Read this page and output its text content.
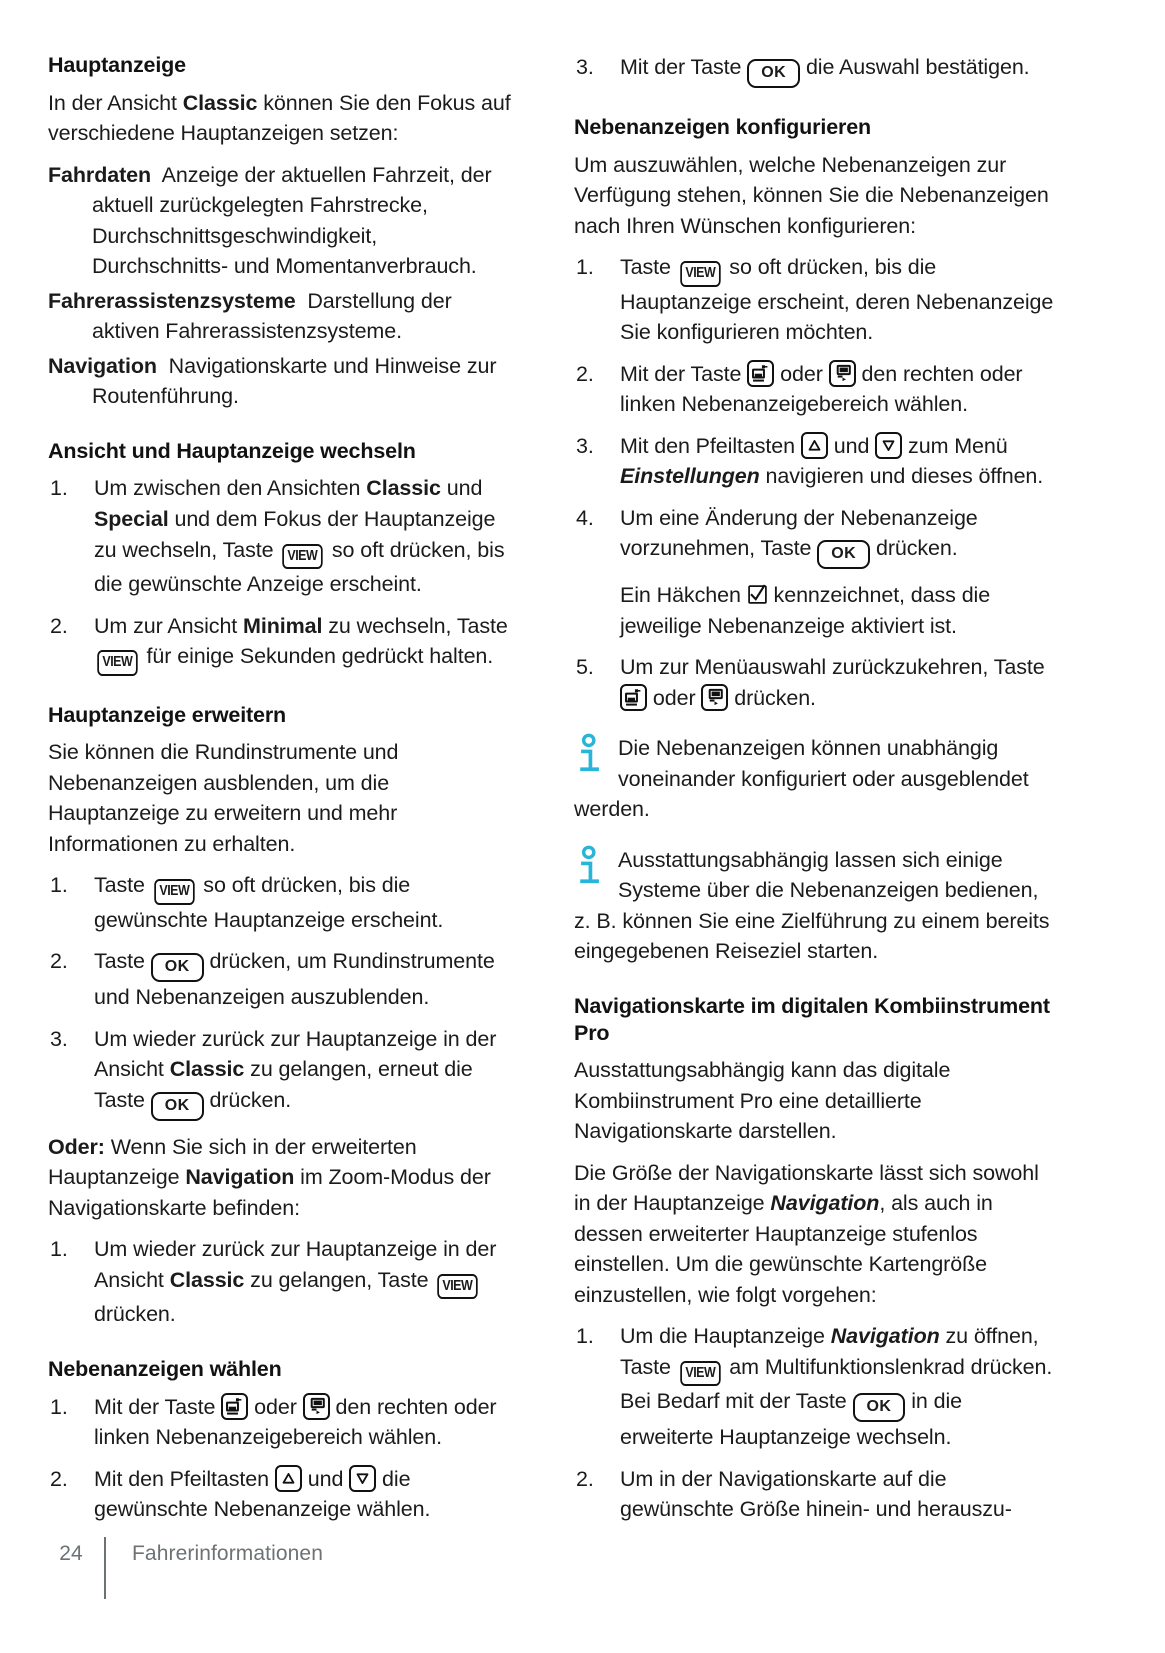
Hauptanzeige

In der Ansicht Classic können Sie den Fokus auf verschiedene Hauptanzeigen setzen:

Fahrdaten Anzeige der aktuellen Fahrzeit, der aktuell zurückgelegten Fahrstrecke, Durchschnittsgeschwindigkeit, Durchschnitts- und Momentanverbrauch.

Fahrerassistenzsysteme Darstellung der aktiven Fahrerassistenzsysteme.

Navigation Navigationskarte und Hinweise zur Routenführung.

Ansicht und Hauptanzeige wechseln
1.	Um zwischen den Ansichten Classic und Special und dem Fokus der Hauptanzeige zu wechseln, Taste VIEW so oft drücken, bis die gewünschte Anzeige erscheint.
2.	Um zur Ansicht Minimal zu wechseln, Taste VIEW für einige Sekunden gedrückt halten.
Hauptanzeige erweitern

Sie können die Rundinstrumente und Nebenanzeigen ausblenden, um die Hauptanzeige zu erweitern und mehr Informationen zu erhalten.

1.	Taste VIEW so oft drücken, bis die gewünschte Hauptanzeige erscheint.
2.	Taste OK drücken, um Rundinstrumente und Nebenanzeigen auszublenden.
3.	Um wieder zurück zur Hauptanzeige in der Ansicht Classic zu gelangen, erneut die Taste OK drücken.

Oder: Wenn Sie sich in der erweiterten Hauptanzeige Navigation im Zoom-Modus der Navigationskarte befinden:

1.	Um wieder zurück zur Hauptanzeige in der Ansicht Classic zu gelangen, Taste VIEW drücken.
Nebenanzeigen wählen
1.	Mit der Taste
oder
den rechten oder linken Nebenanzeigebereich wählen.
2.	Mit den Pfeiltasten
und
die gewünschte Nebenanzeige wählen.
3.	Mit der Taste OK die Auswahl bestätigen.
Nebenanzeigen konfigurieren

Um auszuwählen, welche Nebenanzeigen zur Verfügung stehen, können Sie die Nebenanzeigen nach Ihren Wünschen konfigurieren:

1.	Taste VIEW so oft drücken, bis die Hauptanzeige erscheint, deren Nebenanzeige Sie konfigurieren möchten.
2.	Mit der Taste
oder
den rechten oder linken Nebenanzeigebereich wählen.
3.	Mit den Pfeiltasten
und
zum Menü Einstellungen navigieren und dieses öffnen.
4.	Um eine Änderung der Nebenanzeige vorzunehmen, Taste OK drücken.
Ein Häkchen
kennzeichnet, dass die jeweilige Nebenanzeige aktiviert ist.
5.	Um zur Menüauswahl zurückzukehren, Taste
oder
drücken.
Die Nebenanzeigen können unabhängig voneinander konfiguriert oder ausgeblendet werden.
Ausstattungsabhängig lassen sich einige Systeme über die Nebenanzeigen bedienen, z. B. können Sie eine Zielführung zu einem bereits eingegebenen Reiseziel starten.
Navigationskarte im digitalen Kombiinstrument Pro

Ausstattungsabhängig kann das digitale Kombiinstrument Pro eine detaillierte Navigationskarte darstellen.

Die Größe der Navigationskarte lässt sich sowohl in der Hauptanzeige Navigation, als auch in dessen erweiterter Hauptanzeige stufenlos einstellen. Um die gewünschte Kartengröße einzustellen, wie folgt vorgehen:

1.	Um die Hauptanzeige Navigation zu öffnen, Taste VIEW am Multifunktionslenkrad drücken. Bei Bedarf mit der Taste OK in die erweiterte Hauptanzeige wechseln.
2.	Um in der Navigationskarte auf die gewünschte Größe hinein- und herauszu-
24	Fahrerinformationen
